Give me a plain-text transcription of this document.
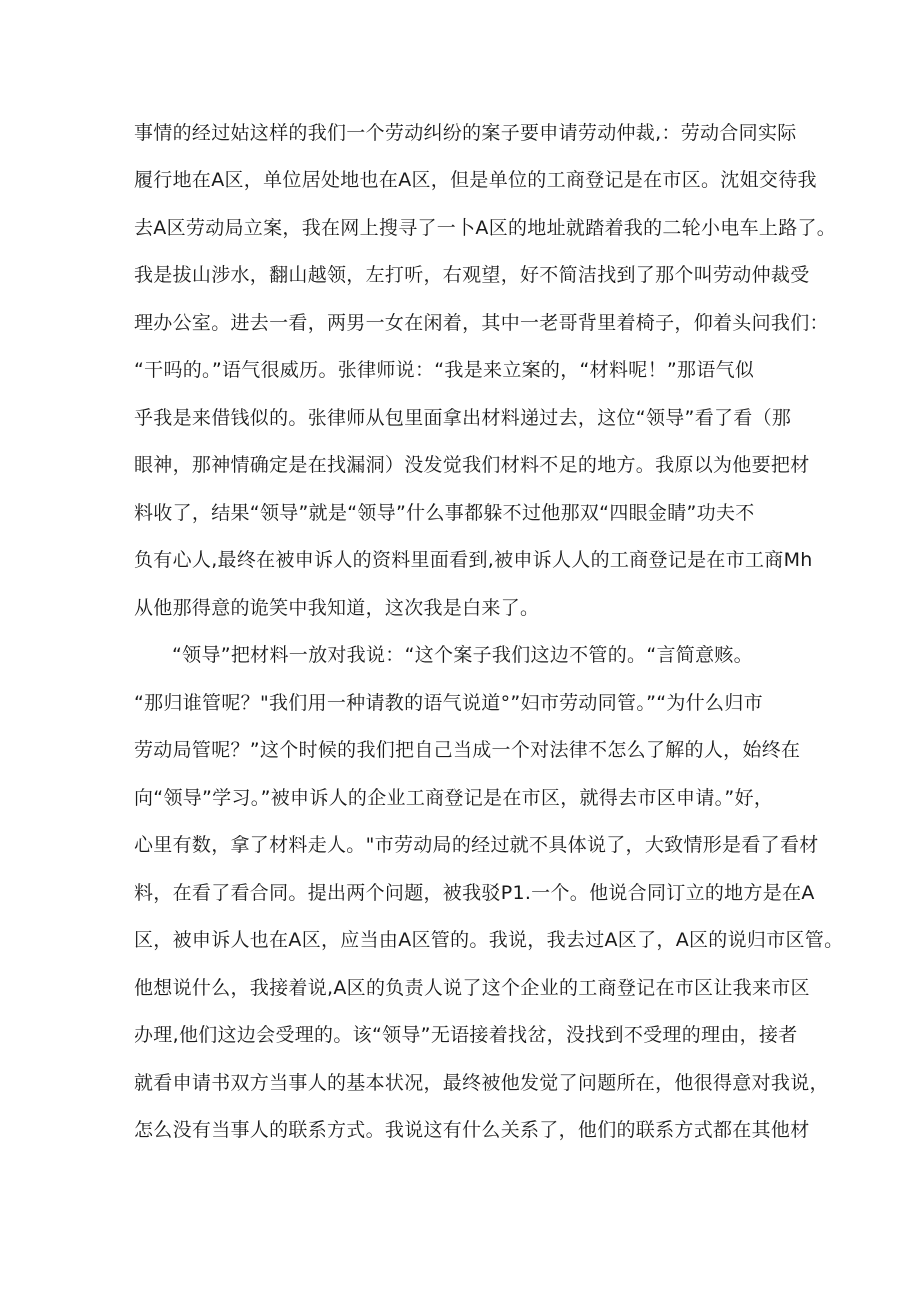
事情的经过姑这样的我们一个劳动纠纷的案子要申请劳动仲裁,：劳动合同实际
履行地在A区，单位居处地也在A区，但是单位的工商登记是在市区。沈姐交待我
去A区劳动局立案，我在网上搜寻了一卜A区的地址就踏着我的二轮小电车上路了。
我是拔山涉水，翻山越领，左打听，右观望，好不简洁找到了那个叫劳动仲裁受
理办公室。进去一看，两男一女在闲着，其中一老哥背里着椅子，仰着头问我们：
“干吗的。”语气很威历。张律师说：“我是来立案的，“材料呢！”那语气似
乎我是来借钱似的。张律师从包里面拿出材料递过去，这位“领导”看了看（那
眼神，那神情确定是在找漏洞）没发觉我们材料不足的地方。我原以为他要把材
料收了，结果“领导”就是“领导”什么事都躲不过他那双“四眼金睛”功夫不
负有心人,最终在被申诉人的资料里面看到,被申诉人人的工商登记是在市工商Mh
从他那得意的诡笑中我知道，这次我是白来了。
“领导”把材料一放对我说：“这个案子我们这边不管的。“言简意赅。
“那归谁管呢？"我们用一种请教的语气说道°”妇市劳动同管。”“为什么归市
劳动局管呢？”这个时候的我们把自己当成一个对法律不怎么了解的人，始终在
向“领导”学习。”被申诉人的企业工商登记是在市区，就得去市区申请。”好，
心里有数，拿了材料走人。"市劳动局的经过就不具体说了，大致情形是看了看材
料，在看了看合同。提出两个问题，被我驳P1.一个。他说合同订立的地方是在A
区，被申诉人也在A区，应当由A区管的。我说，我去过A区了，A区的说归市区管。
他想说什么，我接着说,A区的负责人说了这个企业的工商登记在市区让我来市区
办理,他们这边会受理的。该“领导”无语接着找岔，没找到不受理的理由，接者
就看申请书双方当事人的基本状况，最终被他发觉了问题所在，他很得意对我说，
怎么没有当事人的联系方式。我说这有什么关系了，他们的联系方式都在其他材
